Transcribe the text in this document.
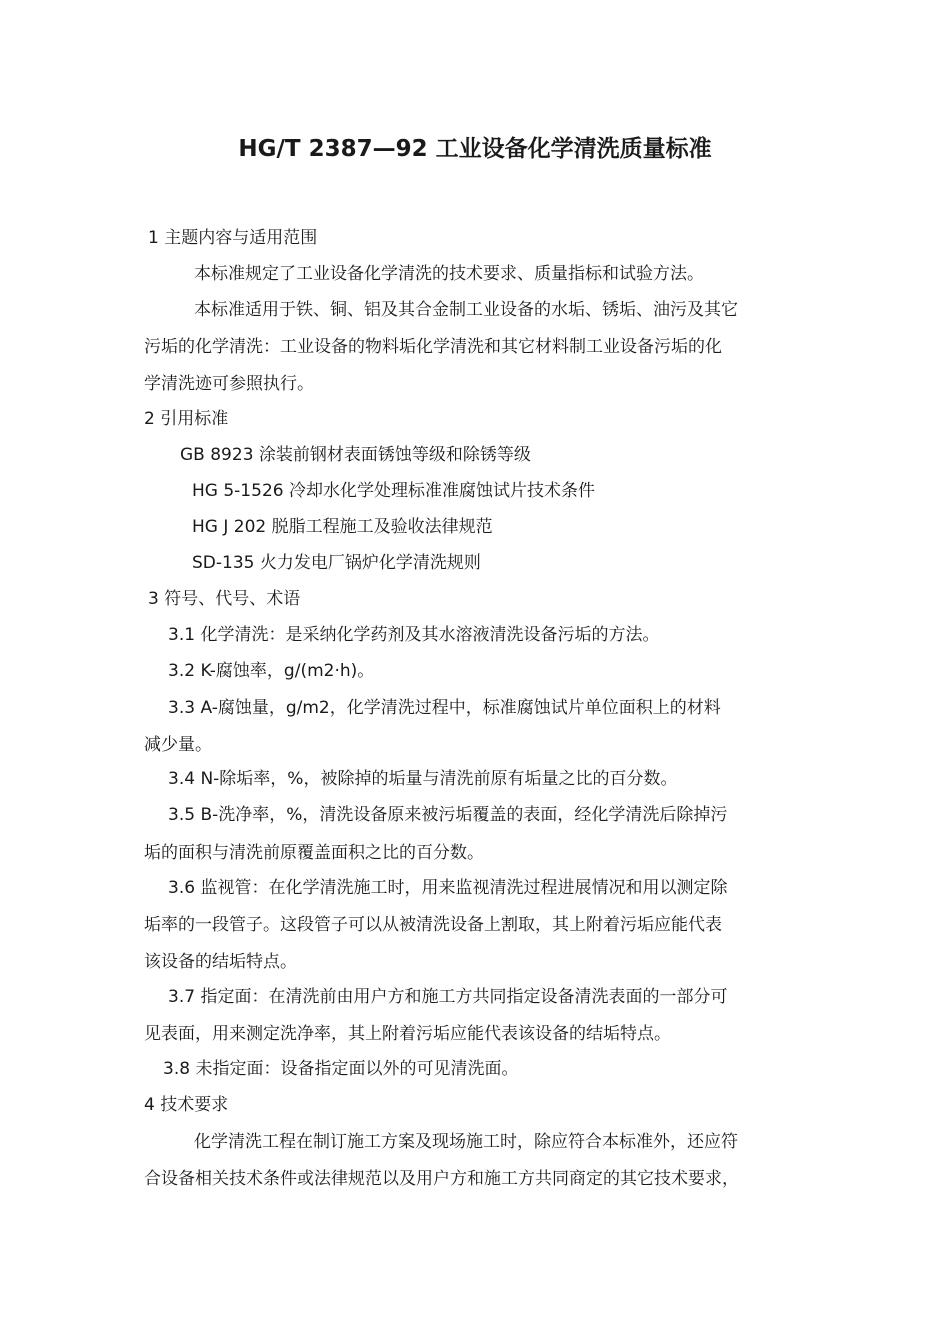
HG/T 2387—92 工业设备化学清洗质量标准
1 主题内容与适用范围
本标准规定了工业设备化学清洗的技术要求、质量指标和试验方法。
本标准适用于铁、铜、铝及其合金制工业设备的水垢、锈垢、油污及其它
污垢的化学清洗：工业设备的物料垢化学清洗和其它材料制工业设备污垢的化
学清洗迹可参照执行。
2 引用标准
GB 8923 涂装前钢材表面锈蚀等级和除锈等级
HG 5-1526 冷却水化学处理标准准腐蚀试片技术条件
HG J 202 脱脂工程施工及验收法律规范
SD-135 火力发电厂锅炉化学清洗规则
3 符号、代号、术语
3.1 化学清洗：是采纳化学药剂及其水溶液清洗设备污垢的方法。
3.2 K-腐蚀率，g/(m2·h)。
3.3 A-腐蚀量，g/m2，化学清洗过程中，标准腐蚀试片单位面积上的材料
减少量。
3.4 N-除垢率，%，被除掉的垢量与清洗前原有垢量之比的百分数。
3.5 B-洗净率，%，清洗设备原来被污垢覆盖的表面，经化学清洗后除掉污
垢的面积与清洗前原覆盖面积之比的百分数。
3.6 监视管：在化学清洗施工时，用来监视清洗过程进展情况和用以测定除
垢率的一段管子。这段管子可以从被清洗设备上割取，其上附着污垢应能代表
该设备的结垢特点。
3.7 指定面：在清洗前由用户方和施工方共同指定设备清洗表面的一部分可
见表面，用来测定洗净率，其上附着污垢应能代表该设备的结垢特点。
3.8 未指定面：设备指定面以外的可见清洗面。
4 技术要求
化学清洗工程在制订施工方案及现场施工时，除应符合本标准外，还应符
合设备相关技术条件或法律规范以及用户方和施工方共同商定的其它技术要求，
